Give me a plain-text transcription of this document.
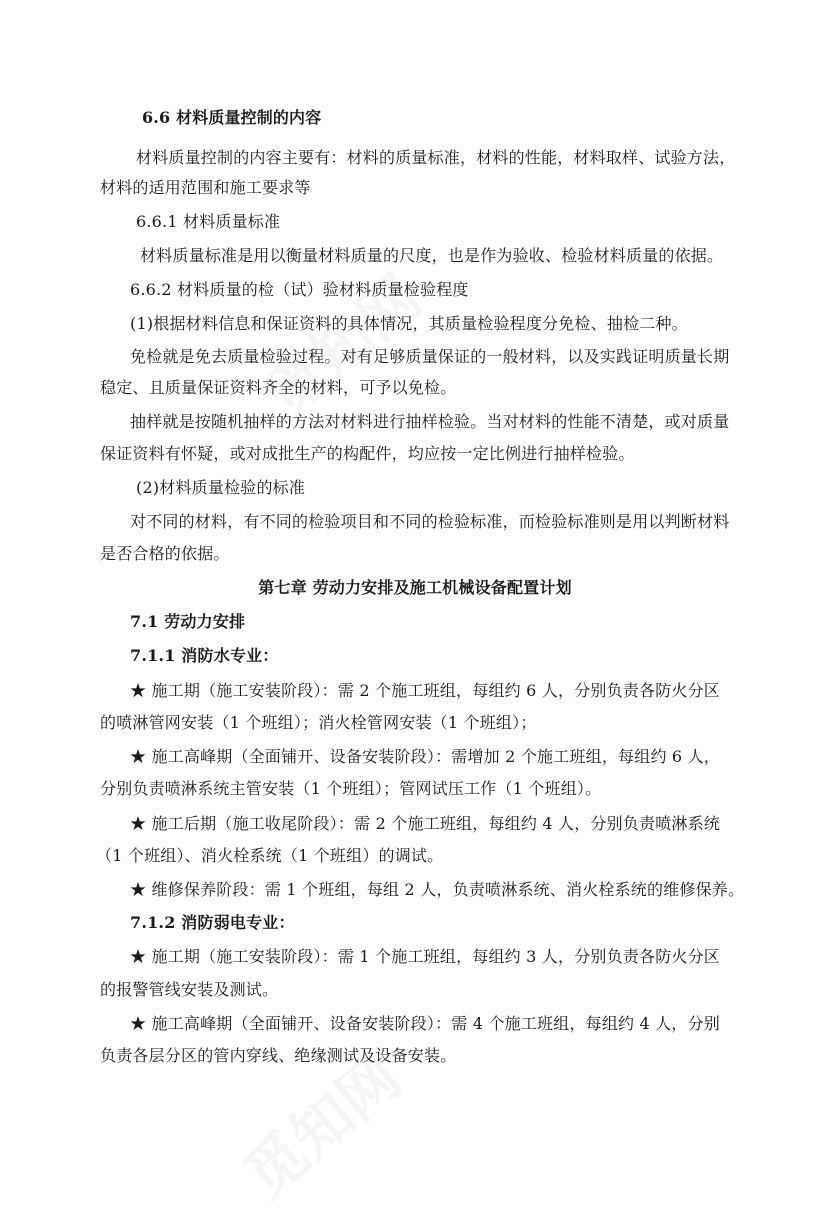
6.6 材料质量控制的内容
材料质量控制的内容主要有：材料的质量标准，材料的性能，材料取样、试验方法，
材料的适用范围和施工要求等
6.6.1 材料质量标准
材料质量标准是用以衡量材料质量的尺度，也是作为验收、检验材料质量的依据。
6.6.2 材料质量的检（试）验材料质量检验程度
(1)根据材料信息和保证资料的具体情况，其质量检验程度分免检、抽检二种。
免检就是免去质量检验过程。对有足够质量保证的一般材料，以及实践证明质量长期
稳定、且质量保证资料齐全的材料，可予以免检。
抽样就是按随机抽样的方法对材料进行抽样检验。当对材料的性能不清楚，或对质量
保证资料有怀疑，或对成批生产的构配件，均应按一定比例进行抽样检验。
(2)材料质量检验的标准
对不同的材料，有不同的检验项目和不同的检验标准，而检验标准则是用以判断材料
是否合格的依据。
第七章 劳动力安排及施工机械设备配置计划
7.1 劳动力安排
7.1.1 消防水专业：
★ 施工期（施工安装阶段）：需 2 个施工班组，每组约 6 人，分别负责各防火分区
的喷淋管网安装（1 个班组）；消火栓管网安装（1 个班组）；
★ 施工高峰期（全面铺开、设备安装阶段）：需增加 2 个施工班组，每组约 6 人，
分别负责喷淋系统主管安装（1 个班组）；管网试压工作（1 个班组）。
★ 施工后期（施工收尾阶段）：需 2 个施工班组，每组约 4 人，分别负责喷淋系统
（1 个班组）、消火栓系统（1 个班组）的调试。
★ 维修保养阶段：需 1 个班组，每组 2 人，负责喷淋系统、消火栓系统的维修保养。
7.1.2 消防弱电专业：
★ 施工期（施工安装阶段）：需 1 个施工班组，每组约 3 人，分别负责各防火分区
的报警管线安装及测试。
★ 施工高峰期（全面铺开、设备安装阶段）：需 4 个施工班组，每组约 4 人，分别
负责各层分区的管内穿线、绝缘测试及设备安装。
